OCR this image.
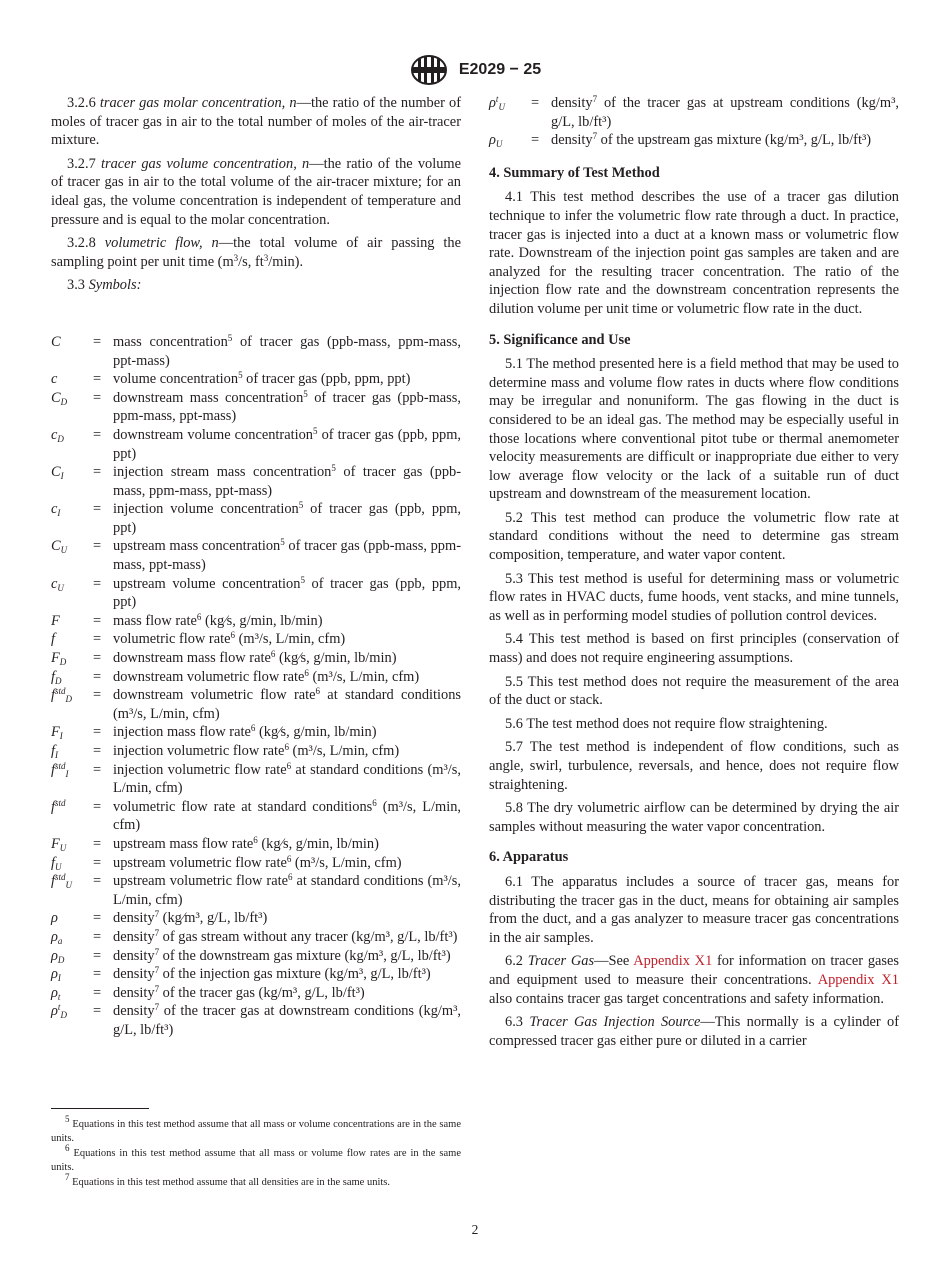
E2029 − 25

3.2.6 tracer gas molar concentration, n—the ratio of the number of moles of tracer gas in air to the total number of moles of the air-tracer mixture.

3.2.7 tracer gas volume concentration, n—the ratio of the volume of tracer gas in air to the total volume of the air-tracer mixture; for an ideal gas, the volume concentration is independent of temperature and pressure and is equal to the molar concentration.

3.2.8 volumetric flow, n—the total volume of air passing the sampling point per unit time ($m^3/s$, $ft^3/\min$).

3.3 Symbols:

C = mass concentration$^5$ of tracer gas (ppb-mass, ppm-mass, ppt-mass)
c = volume concentration$^5$ of tracer gas (ppb, ppm, ppt)
$C_D$ = downstream mass concentration$^5$ of tracer gas (ppb-mass, ppm-mass, ppt-mass)
$c_D$ = downstream volume concentration$^5$ of tracer gas (ppb, ppm, ppt)
$C_I$ = injection stream mass concentration$^5$ of tracer gas (ppb-mass, ppm-mass, ppt-mass)
$c_I$ = injection volume concentration$^5$ of tracer gas (ppb, ppm, ppt)
$C_U$ = upstream mass concentration$^5$ of tracer gas (ppb-mass, ppm-mass, ppt-mass)
$c_U$ = upstream volume concentration$^5$ of tracer gas (ppb, ppm, ppt)
F = mass flow rate$^6$ (kg⁄s, g/min, lb/min)
f	= volumetric flow rate$^6$ (m³/s, L/min, cfm)
$F_D$ = downstream mass flow rate$^6$ (kg⁄s, g/min, lb/min)
$f_D$ = downstream volumetric flow rate$^6$ (m³/s, L/min, cfm)
$f^{std}_D$ = downstream volumetric flow rate$^6$ at standard conditions (m³/s, L/min, cfm)
$F_I$ = injection mass flow rate$^6$ (kg⁄s, g/min, lb/min)
$f_I$ = injection volumetric flow rate$^6$ (m³/s, L/min, cfm)
$f^{std}_I$ = injection volumetric flow rate$^6$ at standard conditions (m³/s, L/min, cfm)
$f^{std}$ = volumetric flow rate at standard conditions$^6$ (m³/s, L/min, cfm)
$F_U$ = upstream mass flow rate$^6$ (kg⁄s, g/min, lb/min)
$f_U$ = upstream volumetric flow rate$^6$ (m³/s, L/min, cfm)
$f^{std}_U$ = upstream volumetric flow rate$^6$ at standard conditions (m³/s, L/min, cfm)
ρ = density$^7$ (kg⁄m³, g/L, lb/ft³)
$\rho_a$ = density$^7$ of gas stream without any tracer (kg/m³, g/L, lb/ft³)
$\rho_D$ = density$^7$ of the downstream gas mixture (kg/m³, g/L, lb/ft³)
$\rho_I$ = density$^7$ of the injection gas mixture (kg/m³, g/L, lb/ft³)
$\rho_t$ = density$^7$ of the tracer gas (kg/m³, g/L, lb/ft³)
$\rho^t_D$ = density$^7$ of the tracer gas at downstream conditions (kg/m³, g/L, lb/ft³)
$^5$ Equations in this test method assume that all mass or volume concentrations are in the same units.
$^6$ Equations in this test method assume that all mass or volume flow rates are in the same units.
$^7$ Equations in this test method assume that all densities are in the same units.
$\rho^t_U$ = density$^7$ of the tracer gas at upstream conditions (kg/m³, g/L, lb/ft³)
$\rho_U$ = density$^7$ of the upstream gas mixture (kg/m³, g/L, lb/ft³)
4. Summary of Test Method

4.1 This test method describes the use of a tracer gas dilution technique to infer the volumetric flow rate through a duct. In practice, tracer gas is injected into a duct at a known mass or volumetric flow rate. Downstream of the injection point gas samples are taken and are analyzed for the resulting tracer concentration. The ratio of the injection flow rate and the downstream concentration represents the dilution volume per unit time or volumetric flow rate in the duct.

5. Significance and Use

5.1 The method presented here is a field method that may be used to determine mass and volume flow rates in ducts where flow conditions may be irregular and nonuniform. The gas flowing in the duct is considered to be an ideal gas. The method may be especially useful in those locations where conventional pitot tube or thermal anemometer velocity measurements are difficult or inappropriate due either to very low average flow velocity or the lack of a suitable run of duct upstream and downstream of the measurement location.

5.2 This test method can produce the volumetric flow rate at standard conditions without the need to determine gas stream composition, temperature, and water vapor content.

5.3 This test method is useful for determining mass or volumetric flow rates in HVAC ducts, fume hoods, vent stacks, and mine tunnels, as well as in performing model studies of pollution control devices.

5.4 This test method is based on first principles (conservation of mass) and does not require engineering assumptions.

5.5 This test method does not require the measurement of the area of the duct or stack.

5.6 The test method does not require flow straightening.

5.7 The test method is independent of flow conditions, such as angle, swirl, turbulence, reversals, and hence, does not require flow straightening.

5.8 The dry volumetric airflow can be determined by drying the air samples without measuring the water vapor concentration.

6. Apparatus

6.1 The apparatus includes a source of tracer gas, means for distributing the tracer gas in the duct, means for obtaining air samples from the duct, and a gas analyzer to measure tracer gas concentrations in the air samples.

6.2 Tracer Gas—See Appendix X1 for information on tracer gases and equipment used to measure their concentrations. Appendix X1 also contains tracer gas target concentrations and safety information.

6.3 Tracer Gas Injection Source—This normally is a cylinder of compressed tracer gas either pure or diluted in a carrier

2
